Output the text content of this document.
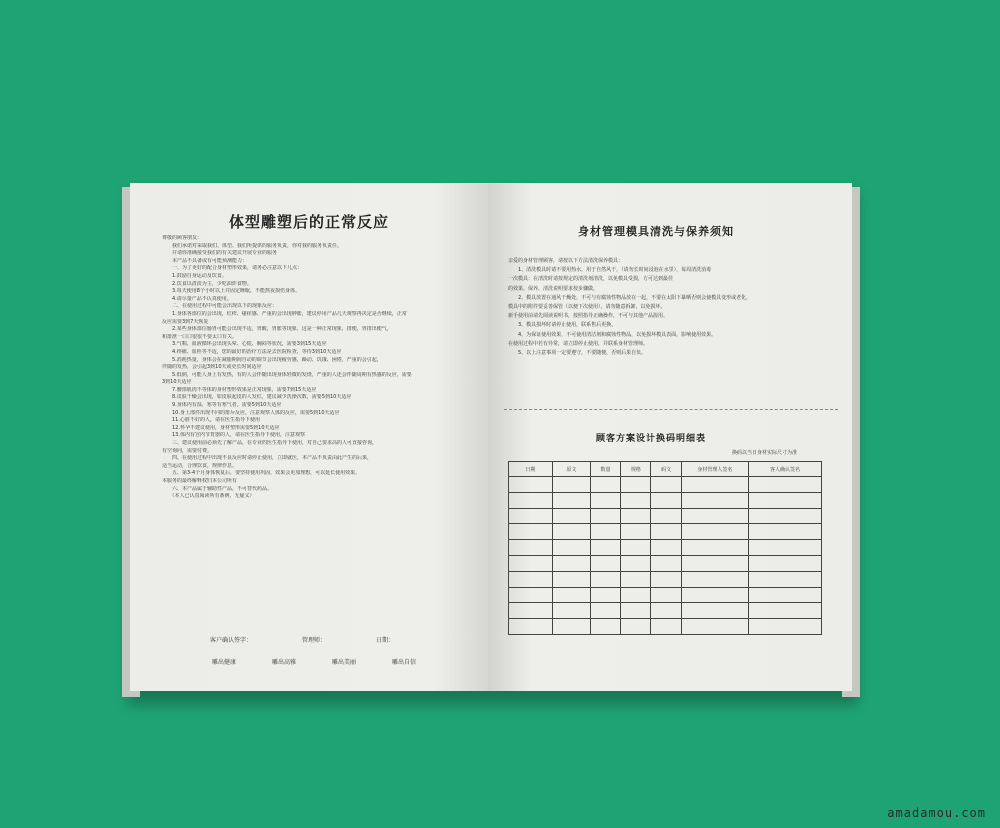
体型雕塑后的正常反应
尊敬的顾客朋友：
　　我们承诺对采取我们、体型、我们所提供的服务负责，你对我的服务负责任。
　　并请你准确接受我们的有关建议开展专业的服务
　　本产品不具备或有可能预测能力：
　　一、为了更好的配合身材塑形效果，请务必注意以下几点：
　　1.鼓励自身运动及饮食。
　　2.饮食以清淡为主，少吃油炸食物。
　　3.每天使用8个小时以上并固定睡眠，不能熬夜损伤身体。
　　4.请尽量产品不认真使用。
　　二、在使用过程中可能会出现以下的现象反应：
　　1.身体各部位的会出现，红疹、瘙痒感、严重的会出现肿胀，建议停用产品几天观察再决定是否继续，正常
反应需要3到7天恢复
　　2.某些身体部位肠胃可能会出现不适，胃酸，胃胀等现象，这是一种正常现象，排便，胃排出便气，
和排泄一口口很很不要太口有关。
　　3.气喘、血液循环会出现头晕、心慌、胸闷等状况，需要3到15天适应
　　4.疼痛、血栓等不适，您的最好的治疗方法是去医院检查，等待3到10天适应
　　5.消耗热量，身体会在减脂期间自动的调节会出现疲劳感，躁动、饥饿、困倦，严重的会引起，
伴随的发热，会引起3到10天或更长时间适应
　　5.低钠，可能人身上有发热，有的人会伴随出现身体轻微的发烧，严重的人还会伴随周期有热感的反应，需要
3到10天适应
　　7.腰部肌肉不等体的身材塑形效果是正常现象，需要7到15天适应
　　8.皮肤干燥会出现，如皮肤起皮的人发红，建议减少洗澡次数，需要5到10天适应
　　9.身体内有湿、寒等有寒气者，需要5到10天适应
　　10.身上部件出现不同的排斥反应，注意观察人体的反应，需要5到10天适应
　　11.心脏不好的人，请在医生指导下使用
　　12.怀孕不建议使用，身材塑形需要5到10天适应
　　13.体内有宫内节育器的人，请在医生指导下使用，注意观察
　　三、建议使用前必须先了解产品，在专业的医生指导下使用，对自己要求高的人可直接咨询，
有空询问，需要付费。
　　四、在使用过程中出现不良反应时请停止使用，立即就医，本产品不负责由此产生的后果，
适当运动，合理饮食，规律作息。
　　五、第3-4个月身体恢复后，要坚持使用巩固，效果会更加理想，可以延长使用效果。
本服务的最终解释权归本公司所有
　　六、本产品属于辅助性产品，不可替代药品。
　　（本人已认真阅读所有条例，无疑义）
客户确认签字：	管理师：	日期：
雕出健康	雕出高雅	雕出美丽	雕出自信
身材管理模具清洗与保养须知
亲爱的身材管理顾客，请按以下方法清洗保养模具：
　　1、清洗模具时请不要用热水，用于自然风干，（请勿长时间浸泡在水里），每周清洗消毒
一次模具：在清洗时请按规定的清洗剂清洗，以免模具受损，方可达到最佳
的效果。保养、清洗说明要求按步骤做。
　　2、模具放置在通风干燥处，不可与有腐蚀性物品放在一起，不要在太阳下暴晒否则会使模具变形或老化，
模具中的附件要妥善保管（以便下次使用），请勿随意拆卸，以免损坏。
新手使用前请先阅读说明书，按照指导正确操作，不可与其他产品混用。
　　3、模具损坏时请停止使用，联系售后更换。
　　4、为保证使用效果，不可使用清洁剂和腐蚀性物品，以免损坏模具表面，影响使用效果。
在使用过程中若有异常，请立即停止使用，并联系身材管理师。
　　5、以上注意事项一定要遵守，不要随便，否则后果自负。
顾客方案设计换码明细表
换码以当日身材实际尺寸为准
日期	原文	数量	规格	码文	身材管理人签名	客人确认签名

amadamou.com
